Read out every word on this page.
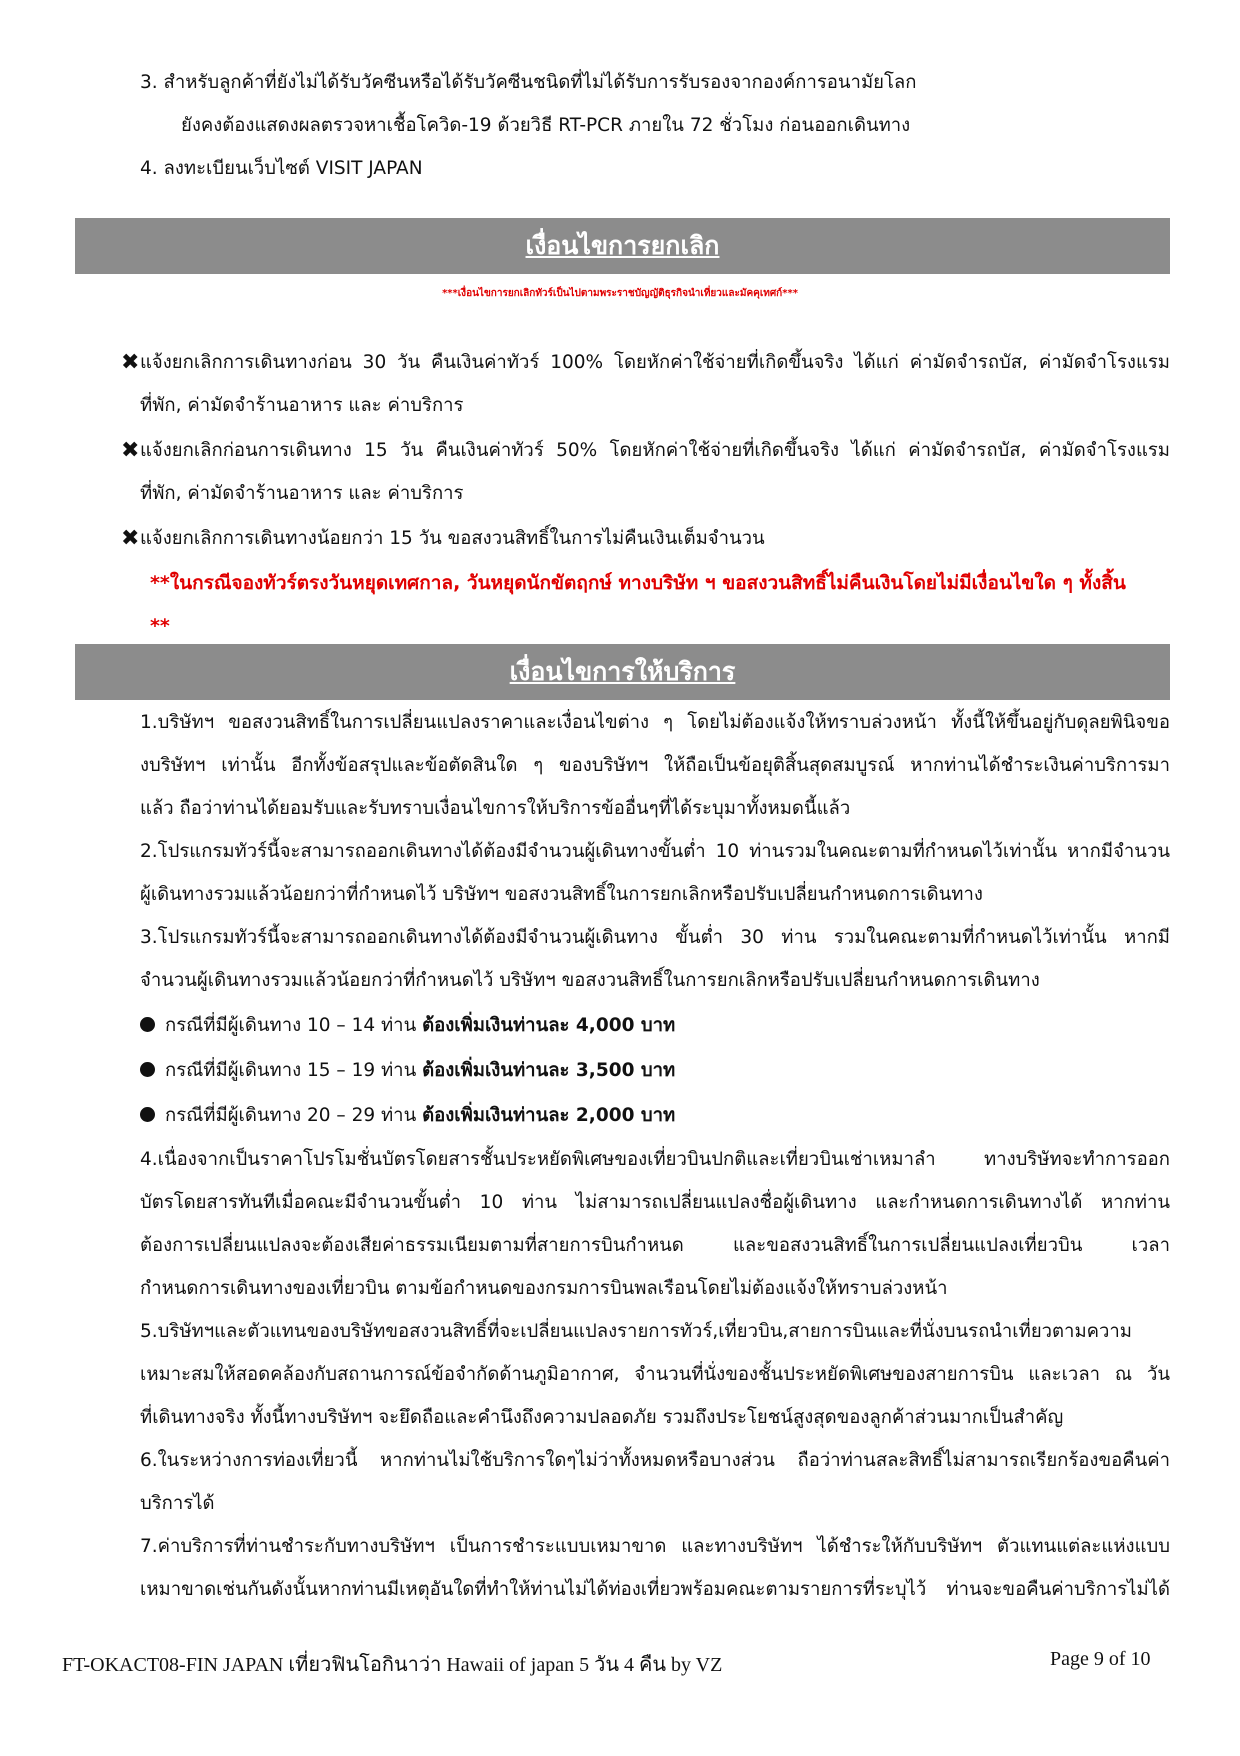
3. สำหรับลูกค้าที่ยังไม่ได้รับวัคซีนหรือได้รับวัคซีนชนิดที่ไม่ได้รับการรับรองจากองค์การอนามัยโลก
ยังคงต้องแสดงผลตรวจหาเชื้อโควิด-19 ด้วยวิธี RT-PCR ภายใน 72 ชั่วโมง ก่อนออกเดินทาง
4. ลงทะเบียนเว็บไซต์ VISIT JAPAN
เงื่อนไขการยกเลิก
***เงื่อนไขการยกเลิกทัวร์เป็นไปตามพระราชบัญญัติธุรกิจนำเที่ยวและมัคคุเทศก์***
✖ แจ้งยกเลิกการเดินทางก่อน 30 วัน คืนเงินค่าทัวร์ 100% โดยหักค่าใช้จ่ายที่เกิดขึ้นจริง ได้แก่ ค่ามัดจำรถบัส, ค่ามัดจำโรงแรม
ที่พัก, ค่ามัดจำร้านอาหาร และ ค่าบริการ
✖ แจ้งยกเลิกก่อนการเดินทาง 15 วัน คืนเงินค่าทัวร์ 50% โดยหักค่าใช้จ่ายที่เกิดขึ้นจริง ได้แก่ ค่ามัดจำรถบัส, ค่ามัดจำโรงแรม
ที่พัก, ค่ามัดจำร้านอาหาร และ ค่าบริการ
✖ แจ้งยกเลิกการเดินทางน้อยกว่า 15 วัน ขอสงวนสิทธิ์ในการไม่คืนเงินเต็มจำนวน
**ในกรณีจองทัวร์ตรงวันหยุดเทศกาล, วันหยุดนักขัตฤกษ์ ทางบริษัท ฯ ขอสงวนสิทธิ์ไม่คืนเงินโดยไม่มีเงื่อนไขใด ๆ ทั้งสิ้น
**
เงื่อนไขการให้บริการ
1.บริษัทฯ ขอสงวนสิทธิ์ในการเปลี่ยนแปลงราคาและเงื่อนไขต่าง ๆ โดยไม่ต้องแจ้งให้ทราบล่วงหน้า ทั้งนี้ให้ขึ้นอยู่กับดุลยพินิจขอ
งบริษัทฯ เท่านั้น อีกทั้งข้อสรุปและข้อตัดสินใด ๆ ของบริษัทฯ ให้ถือเป็นข้อยุติสิ้นสุดสมบูรณ์ หากท่านได้ชำระเงินค่าบริการมา
แล้ว ถือว่าท่านได้ยอมรับและรับทราบเงื่อนไขการให้บริการข้ออื่นๆที่ได้ระบุมาทั้งหมดนี้แล้ว
2.โปรแกรมทัวร์นี้จะสามารถออกเดินทางได้ต้องมีจำนวนผู้เดินทางขั้นต่ำ 10 ท่านรวมในคณะตามที่กำหนดไว้เท่านั้น หากมีจำนวน
ผู้เดินทางรวมแล้วน้อยกว่าที่กำหนดไว้ บริษัทฯ ขอสงวนสิทธิ์ในการยกเลิกหรือปรับเปลี่ยนกำหนดการเดินทาง
3.โปรแกรมทัวร์นี้จะสามารถออกเดินทางได้ต้องมีจำนวนผู้เดินทาง ขั้นต่ำ 30 ท่าน รวมในคณะตามที่กำหนดไว้เท่านั้น หากมี
จำนวนผู้เดินทางรวมแล้วน้อยกว่าที่กำหนดไว้ บริษัทฯ ขอสงวนสิทธิ์ในการยกเลิกหรือปรับเปลี่ยนกำหนดการเดินทาง
กรณีที่มีผู้เดินทาง 10 – 14 ท่าน ต้องเพิ่มเงินท่านละ 4,000 บาท
กรณีที่มีผู้เดินทาง 15 – 19 ท่าน ต้องเพิ่มเงินท่านละ 3,500 บาท
กรณีที่มีผู้เดินทาง 20 – 29 ท่าน ต้องเพิ่มเงินท่านละ 2,000 บาท
4.เนื่องจากเป็นราคาโปรโมชั่นบัตรโดยสารชั้นประหยัดพิเศษของเที่ยวบินปกติและเที่ยวบินเช่าเหมาลำ ทางบริษัทจะทำการออก
บัตรโดยสารทันทีเมื่อคณะมีจำนวนขั้นต่ำ 10 ท่าน ไม่สามารถเปลี่ยนแปลงชื่อผู้เดินทาง และกำหนดการเดินทางได้ หากท่าน
ต้องการเปลี่ยนแปลงจะต้องเสียค่าธรรมเนียมตามที่สายการบินกำหนด และขอสงวนสิทธิ์ในการเปลี่ยนแปลงเที่ยวบิน เวลา
กำหนดการเดินทางของเที่ยวบิน ตามข้อกำหนดของกรมการบินพลเรือนโดยไม่ต้องแจ้งให้ทราบล่วงหน้า
5.บริษัทฯและตัวแทนของบริษัทขอสงวนสิทธิ์ที่จะเปลี่ยนแปลงรายการทัวร์,เที่ยวบิน,สายการบินและที่นั่งบนรถนำเที่ยวตามความ
เหมาะสมให้สอดคล้องกับสถานการณ์ข้อจำกัดด้านภูมิอากาศ, จำนวนที่นั่งของชั้นประหยัดพิเศษของสายการบิน และเวลา ณ วัน
ที่เดินทางจริง ทั้งนี้ทางบริษัทฯ จะยึดถือและคำนึงถึงความปลอดภัย รวมถึงประโยชน์สูงสุดของลูกค้าส่วนมากเป็นสำคัญ
6.ในระหว่างการท่องเที่ยวนี้ หากท่านไม่ใช้บริการใดๆไม่ว่าทั้งหมดหรือบางส่วน ถือว่าท่านสละสิทธิ์ไม่สามารถเรียกร้องขอคืนค่า
บริการได้
7.ค่าบริการที่ท่านชำระกับทางบริษัทฯ เป็นการชำระแบบเหมาขาด และทางบริษัทฯ ได้ชำระให้กับบริษัทฯ ตัวแทนแต่ละแห่งแบบ
เหมาขาดเช่นกันดังนั้นหากท่านมีเหตุอันใดที่ทำให้ท่านไม่ได้ท่องเที่ยวพร้อมคณะตามรายการที่ระบุไว้ ท่านจะขอคืนค่าบริการไม่ได้
FT-OKACT08-FIN JAPAN เที่ยวฟินโอกินาว่า Hawaii of japan 5 วัน 4 คืน by VZ	Page 9 of 10
